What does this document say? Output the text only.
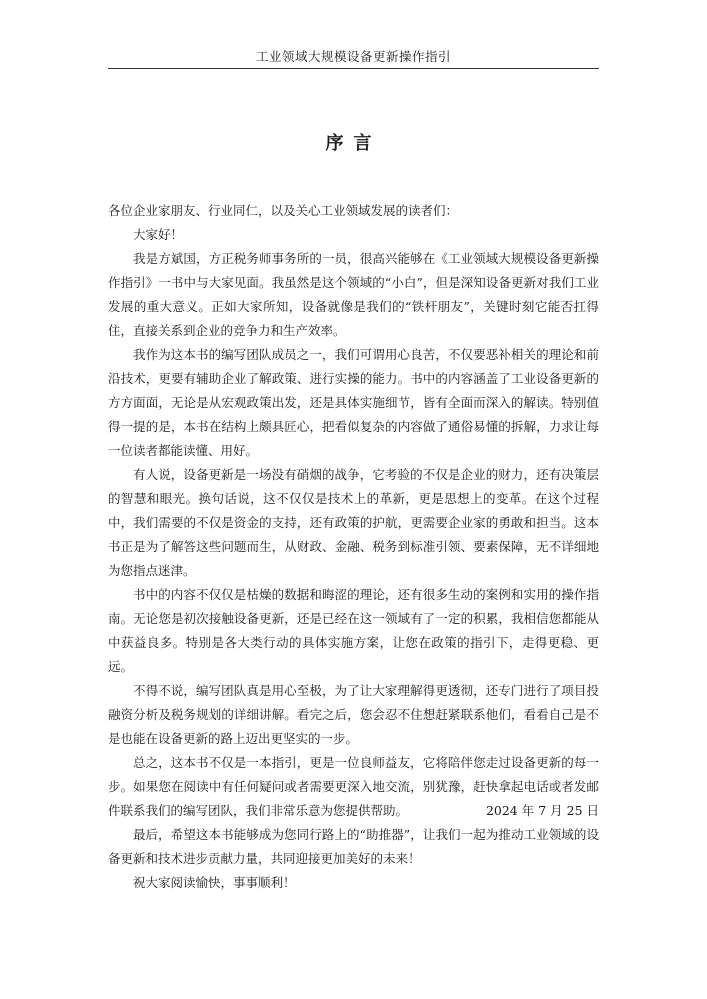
工业领域大规模设备更新操作指引
序言

各位企业家朋友、行业同仁，以及关心工业领域发展的读者们：

大家好！

我是方斌国，方正税务师事务所的一员，很高兴能够在《工业领域大规模设备更新操作指引》一书中与大家见面。我虽然是这个领域的“小白”，但是深知设备更新对我们工业发展的重大意义。正如大家所知，设备就像是我们的“铁杆朋友”，关键时刻它能否扛得住，直接关系到企业的竞争力和生产效率。

我作为这本书的编写团队成员之一，我们可谓用心良苦，不仅要恶补相关的理论和前沿技术，更要有辅助企业了解政策、进行实操的能力。书中的内容涵盖了工业设备更新的方方面面，无论是从宏观政策出发，还是具体实施细节，皆有全面而深入的解读。特别值得一提的是，本书在结构上颇具匠心，把看似复杂的内容做了通俗易懂的拆解，力求让每一位读者都能读懂、用好。

有人说，设备更新是一场没有硝烟的战争，它考验的不仅是企业的财力，还有决策层的智慧和眼光。换句话说，这不仅仅是技术上的革新，更是思想上的变革。在这个过程中，我们需要的不仅是资金的支持，还有政策的护航，更需要企业家的勇敢和担当。这本书正是为了解答这些问题而生，从财政、金融、税务到标准引领、要素保障，无不详细地为您指点迷津。

书中的内容不仅仅是枯燥的数据和晦涩的理论，还有很多生动的案例和实用的操作指南。无论您是初次接触设备更新，还是已经在这一领域有了一定的积累，我相信您都能从中获益良多。特别是各大类行动的具体实施方案，让您在政策的指引下，走得更稳、更远。

不得不说，编写团队真是用心至极，为了让大家理解得更透彻，还专门进行了项目投融资分析及税务规划的详细讲解。看完之后，您会忍不住想赶紧联系他们，看看自己是不是也能在设备更新的路上迈出更坚实的一步。

总之，这本书不仅是一本指引，更是一位良师益友，它将陪伴您走过设备更新的每一步。如果您在阅读中有任何疑问或者需要更深入地交流，别犹豫，赶快拿起电话或者发邮件联系我们的编写团队，我们非常乐意为您提供帮助。

最后，希望这本书能够成为您同行路上的“助推器”，让我们一起为推动工业领域的设备更新和技术进步贡献力量，共同迎接更加美好的未来！

祝大家阅读愉快，事事顺利！

2024 年 7 月 25 日
